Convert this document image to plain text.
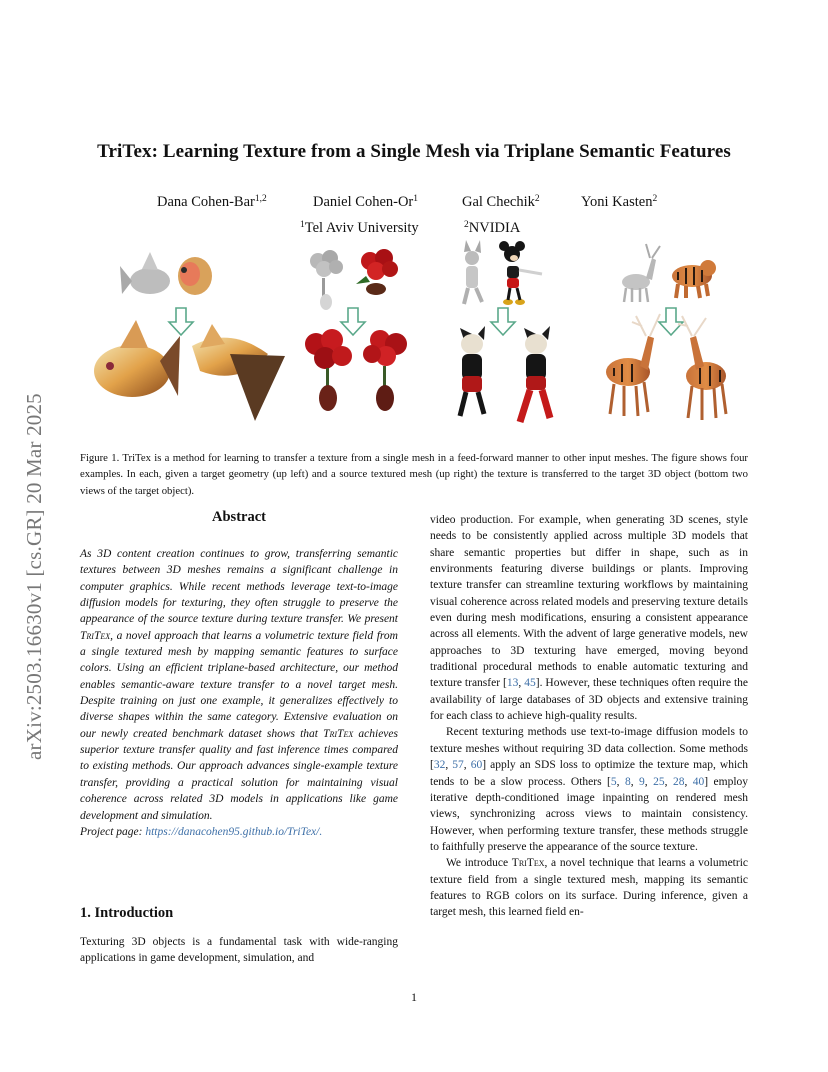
arXiv:2503.16630v1 [cs.GR] 20 Mar 2025
TriTex: Learning Texture from a Single Mesh via Triplane Semantic Features
Dana Cohen-Bar$^{1,2}$	Daniel Cohen-Or$^1$	Gal Chechik$^2$	Yoni Kasten$^2$
$^1$Tel Aviv University	$^2$NVIDIA
Figure 1. TriTex is a method for learning to transfer a texture from a single mesh in a feed-forward manner to other input meshes. The figure shows four examples. In each, given a target geometry (up left) and a source textured mesh (up right) the texture is transferred to the target 3D object (bottom two views of the target object).
Abstract

As 3D content creation continues to grow, transferring semantic textures between 3D meshes remains a significant challenge in computer graphics. While recent methods leverage text-to-image diffusion models for texturing, they often struggle to preserve the appearance of the source texture during texture transfer. We present TriTex, a novel approach that learns a volumetric texture field from a single textured mesh by mapping semantic features to surface colors. Using an efficient triplane-based architecture, our method enables semantic-aware texture transfer to a novel target mesh. Despite training on just one example, it generalizes effectively to diverse shapes within the same category. Extensive evaluation on our newly created benchmark dataset shows that TriTex achieves superior texture transfer quality and fast inference times compared to existing methods. Our approach advances single-example texture transfer, providing a practical solution for maintaining visual coherence across related 3D models in applications like game development and simulation.

Project page: https://danacohen95.github.io/TriTex/.

1. Introduction
Texturing 3D objects is a fundamental task with wide-ranging applications in game development, simulation, and

video production. For example, when generating 3D scenes, style needs to be consistently applied across multiple 3D models that share semantic properties but differ in shape, such as in environments featuring diverse buildings or plants. Improving texture transfer can streamline texturing workflows by maintaining visual coherence across related models and preserving texture details even during mesh modifications, ensuring a consistent appearance across all elements. With the advent of large generative models, new approaches to 3D texturing have emerged, moving beyond traditional procedural methods to enable automatic texturing and texture transfer [13, 45]. However, these techniques often require the availability of large databases of 3D objects and extensive training for each class to achieve high-quality results.

Recent texturing methods use text-to-image diffusion models to texture meshes without requiring 3D data collection. Some methods [32, 57, 60] apply an SDS loss to optimize the texture map, which tends to be a slow process. Others [5, 8, 9, 25, 28, 40] employ iterative depth-conditioned image inpainting on rendered mesh views, synchronizing across views to maintain consistency. However, when performing texture transfer, these methods struggle to faithfully preserve the appearance of the source texture.

We introduce TriTex, a novel technique that learns a volumetric texture field from a single textured mesh, mapping its semantic features to RGB colors on its surface. During inference, given a target mesh, this learned field en-

1
